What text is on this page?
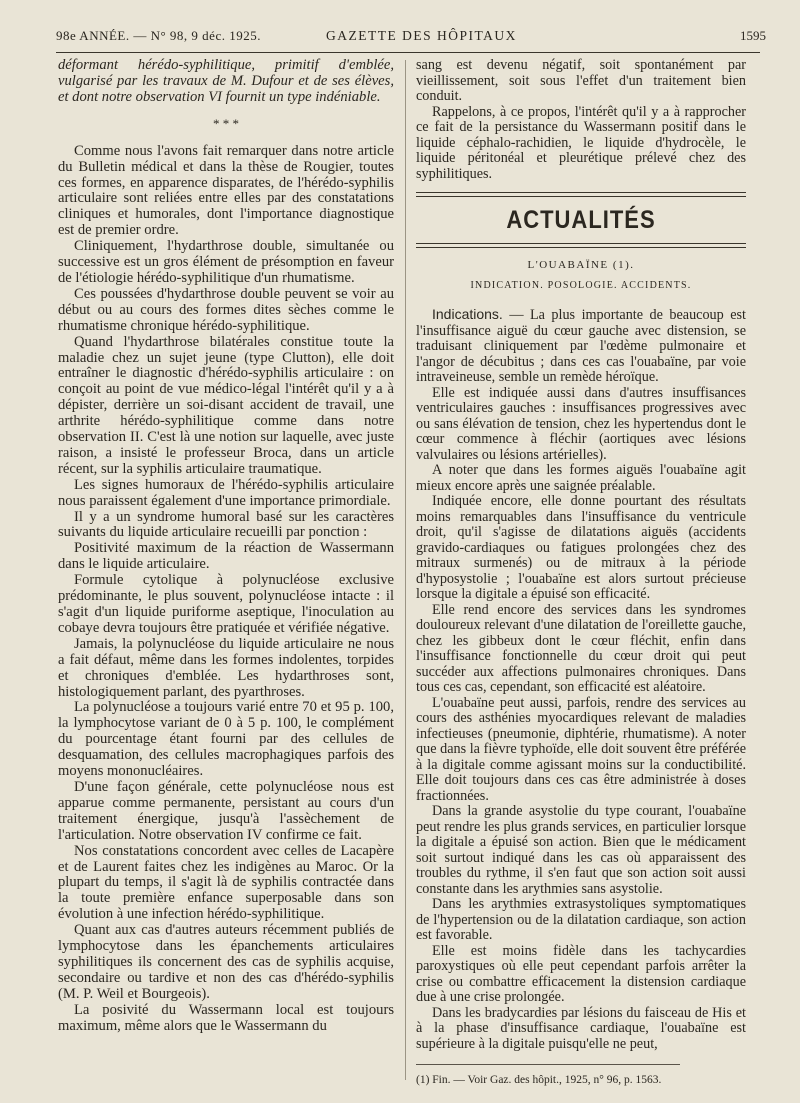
98e ANNÉE. — N° 98, 9 déc. 1925.	GAZETTE DES HÔPITAUX	1595

déformant hérédo-syphilitique, primitif d'emblée, vulgarisé par les travaux de M. Dufour et de ses élèves, et dont notre observation VI fournit un type indéniable.

* * *

Comme nous l'avons fait remarquer dans notre article du Bulletin médical et dans la thèse de Rougier, toutes ces formes, en apparence disparates, de l'hérédo-syphilis articulaire sont reliées entre elles par des constatations cliniques et humorales, dont l'importance diagnostique est de premier ordre.

Cliniquement, l'hydarthrose double, simultanée ou successive est un gros élément de présomption en faveur de l'étiologie hérédo-syphilitique d'un rhumatisme.

Ces poussées d'hydarthrose double peuvent se voir au début ou au cours des formes dites sèches comme le rhumatisme chronique hérédo-syphilitique.

Quand l'hydarthrose bilatérales constitue toute la maladie chez un sujet jeune (type Clutton), elle doit entraîner le diagnostic d'hérédo-syphilis articulaire : on conçoit au point de vue médico-légal l'intérêt qu'il y a à dépister, derrière un soi-disant accident de travail, une arthrite hérédo-syphilitique comme dans notre observation II. C'est là une notion sur laquelle, avec juste raison, a insisté le professeur Broca, dans un article récent, sur la syphilis articulaire traumatique.

Les signes humoraux de l'hérédo-syphilis articulaire nous paraissent également d'une importance primordiale.

Il y a un syndrome humoral basé sur les caractères suivants du liquide articulaire recueilli par ponction :

Positivité maximum de la réaction de Wassermann dans le liquide articulaire.

Formule cytolique à polynucléose exclusive prédominante, le plus souvent, polynucléose intacte : il s'agit d'un liquide puriforme aseptique, l'inoculation au cobaye devra toujours être pratiquée et vérifiée négative.

Jamais, la polynucléose du liquide articulaire ne nous a fait défaut, même dans les formes indolentes, torpides et chroniques d'emblée. Les hydarthroses sont, histologiquement parlant, des pyarthroses.

La polynucléose a toujours varié entre 70 et 95 p. 100, la lymphocytose variant de 0 à 5 p. 100, le complément du pourcentage étant fourni par des cellules de desquamation, des cellules macrophagiques parfois des moyens mononucléaires.

D'une façon générale, cette polynucléose nous est apparue comme permanente, persistant au cours d'un traitement énergique, jusqu'à l'assèchement de l'articulation. Notre observation IV confirme ce fait.

Nos constatations concordent avec celles de Lacapère et de Laurent faites chez les indigènes au Maroc. Or la plupart du temps, il s'agit là de syphilis contractée dans la toute première enfance superposable dans son évolution à une infection hérédo-syphilitique.

Quant aux cas d'autres auteurs récemment publiés de lymphocytose dans les épanchements articulaires syphilitiques ils concernent des cas de syphilis acquise, secondaire ou tardive et non des cas d'hérédo-syphilis (M. P. Weil et Bourgeois).

La posivité du Wassermann local est toujours maximum, même alors que le Wassermann du

sang est devenu négatif, soit spontanément par vieillissement, soit sous l'effet d'un traitement bien conduit.

Rappelons, à ce propos, l'intérêt qu'il y a à rapprocher ce fait de la persistance du Wassermann positif dans le liquide céphalo-rachidien, le liquide d'hydrocèle, le liquide péritonéal et pleurétique prélevé chez des syphilitiques.

ACTUALITÉS
L'OUABAÏNE (1).
INDICATION. POSOLOGIE. ACCIDENTS.

Indications. — La plus importante de beaucoup est l'insuffisance aiguë du cœur gauche avec distension, se traduisant cliniquement par l'œdème pulmonaire et l'angor de décubitus ; dans ces cas l'ouabaïne, par voie intraveineuse, semble un remède héroïque.

Elle est indiquée aussi dans d'autres insuffisances ventriculaires gauches : insuffisances progressives avec ou sans élévation de tension, chez les hypertendus dont le cœur commence à fléchir (aortiques avec lésions valvulaires ou lésions artérielles).

A noter que dans les formes aiguës l'ouabaïne agit mieux encore après une saignée préalable.

Indiquée encore, elle donne pourtant des résultats moins remarquables dans l'insuffisance du ventricule droit, qu'il s'agisse de dilatations aiguës (accidents gravido-cardiaques ou fatigues prolongées chez des mitraux surmenés) ou de mitraux à la période d'hyposystolie ; l'ouabaïne est alors surtout précieuse lorsque la digitale a épuisé son efficacité.

Elle rend encore des services dans les syndromes douloureux relevant d'une dilatation de l'oreillette gauche, chez les gibbeux dont le cœur fléchit, enfin dans l'insuffisance fonctionnelle du cœur droit qui peut succéder aux affections pulmonaires chroniques. Dans tous ces cas, cependant, son efficacité est aléatoire.

L'ouabaïne peut aussi, parfois, rendre des services au cours des asthénies myocardiques relevant de maladies infectieuses (pneumonie, diphtérie, rhumatisme). A noter que dans la fièvre typhoïde, elle doit souvent être préférée à la digitale comme agissant moins sur la conductibilité. Elle doit toujours dans ces cas être administrée à doses fractionnées.

Dans la grande asystolie du type courant, l'ouabaïne peut rendre les plus grands services, en particulier lorsque la digitale a épuisé son action. Bien que le médicament soit surtout indiqué dans les cas où apparaissent des troubles du rythme, il s'en faut que son action soit aussi constante dans les arythmies sans asystolie.

Dans les arythmies extrasystoliques symptomatiques de l'hypertension ou de la dilatation cardiaque, son action est favorable.

Elle est moins fidèle dans les tachycardies paroxystiques où elle peut cependant parfois arrêter la crise ou combattre efficacement la distension cardiaque due à une crise prolongée.

Dans les bradycardies par lésions du faisceau de His et à la phase d'insuffisance cardiaque, l'ouabaïne est supérieure à la digitale puisqu'elle ne peut,

(1) Fin. — Voir Gaz. des hôpit., 1925, n° 96, p. 1563.
